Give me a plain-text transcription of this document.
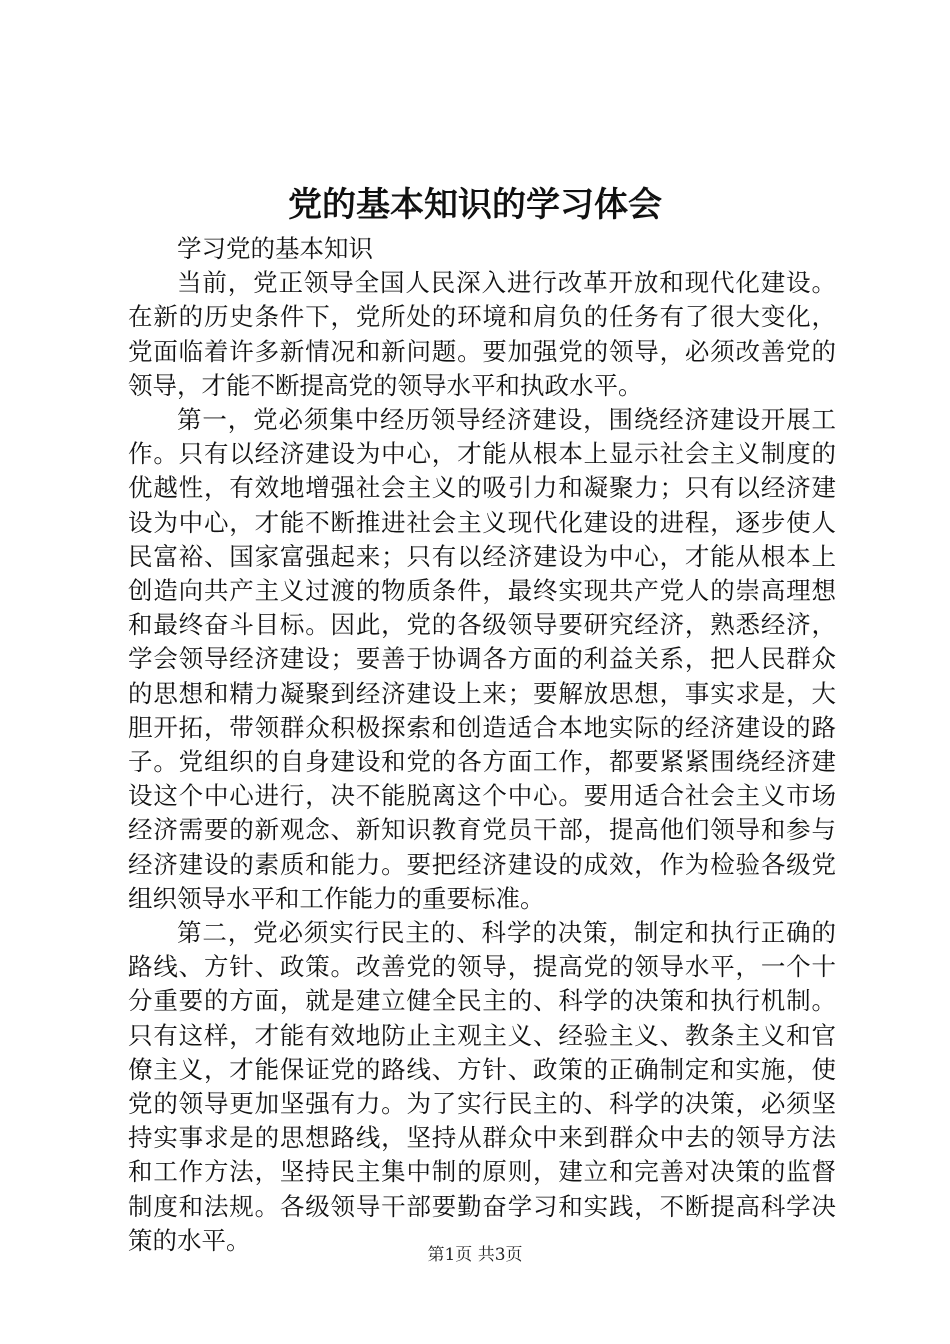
党的基本知识的学习体会

学习党的基本知识

当前，党正领导全国人民深入进行改革开放和现代化建设。在新的历史条件下，党所处的环境和肩负的任务有了很大变化，党面临着许多新情况和新问题。要加强党的领导，必须改善党的领导，才能不断提高党的领导水平和执政水平。

第一，党必须集中经历领导经济建设，围绕经济建设开展工作。只有以经济建设为中心，才能从根本上显示社会主义制度的优越性，有效地增强社会主义的吸引力和凝聚力；只有以经济建设为中心，才能不断推进社会主义现代化建设的进程，逐步使人民富裕、国家富强起来；只有以经济建设为中心，才能从根本上创造向共产主义过渡的物质条件，最终实现共产党人的崇高理想和最终奋斗目标。因此，党的各级领导要研究经济，熟悉经济，学会领导经济建设；要善于协调各方面的利益关系，把人民群众的思想和精力凝聚到经济建设上来；要解放思想，事实求是，大胆开拓，带领群众积极探索和创造适合本地实际的经济建设的路子。党组织的自身建设和党的各方面工作，都要紧紧围绕经济建设这个中心进行，决不能脱离这个中心。要用适合社会主义市场经济需要的新观念、新知识教育党员干部，提高他们领导和参与经济建设的素质和能力。要把经济建设的成效，作为检验各级党组织领导水平和工作能力的重要标准。

第二，党必须实行民主的、科学的决策，制定和执行正确的路线、方针、政策。改善党的领导，提高党的领导水平，一个十分重要的方面，就是建立健全民主的、科学的决策和执行机制。只有这样，才能有效地防止主观主义、经验主义、教条主义和官僚主义，才能保证党的路线、方针、政策的正确制定和实施，使党的领导更加坚强有力。为了实行民主的、科学的决策，必须坚持实事求是的思想路线，坚持从群众中来到群众中去的领导方法和工作方法，坚持民主集中制的原则，建立和完善对决策的监督制度和法规。各级领导干部要勤奋学习和实践，不断提高科学决策的水平。

第1页 共3页
